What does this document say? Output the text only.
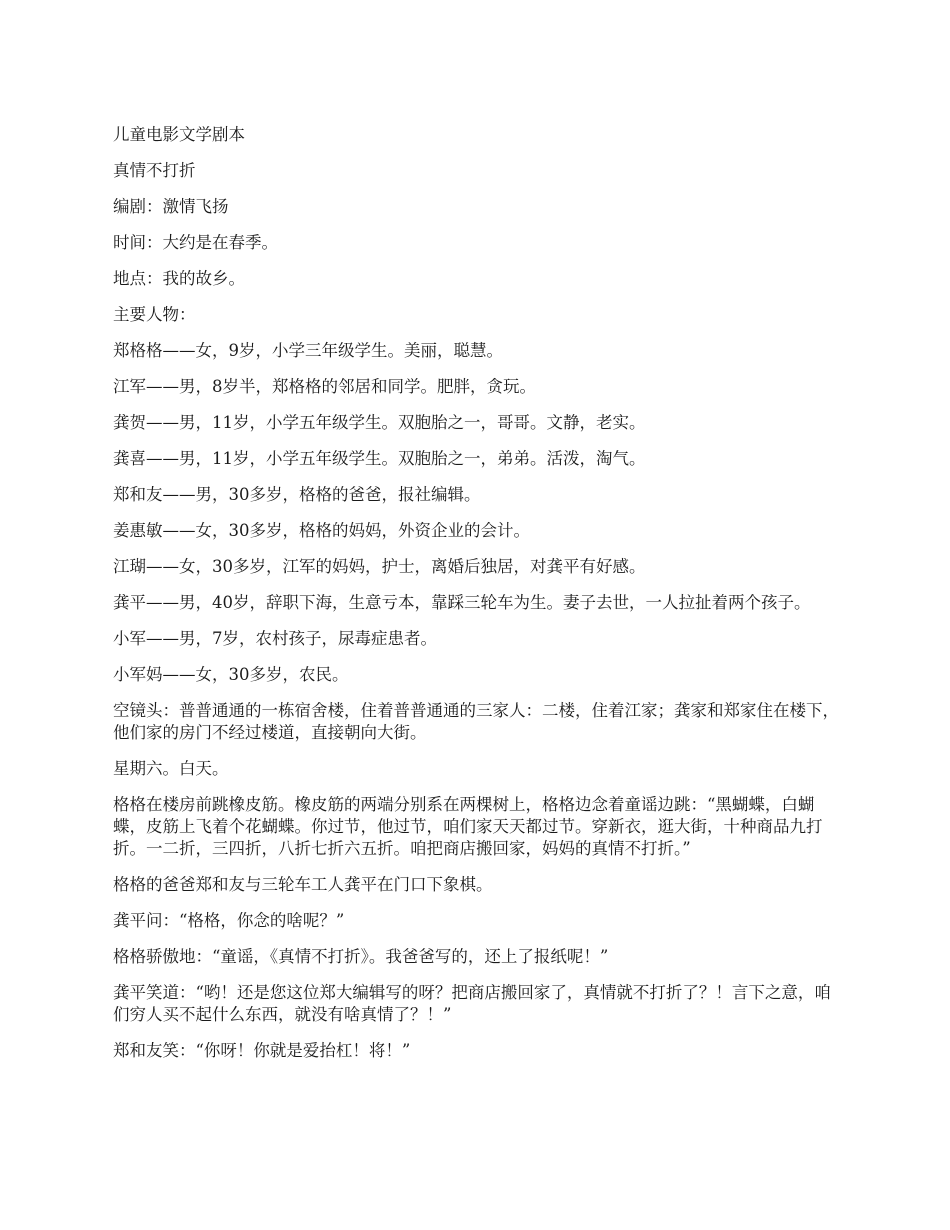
儿童电影文学剧本

真情不打折

编剧：激情飞扬

时间：大约是在春季。

地点：我的故乡。

主要人物：

郑格格——女，9岁，小学三年级学生。美丽，聪慧。

江军——男，8岁半，郑格格的邻居和同学。肥胖，贪玩。

龚贺——男，11岁，小学五年级学生。双胞胎之一，哥哥。文静，老实。

龚喜——男，11岁，小学五年级学生。双胞胎之一，弟弟。活泼，淘气。

郑和友——男，30多岁，格格的爸爸，报社编辑。

姜惠敏——女，30多岁，格格的妈妈，外资企业的会计。

江瑚——女，30多岁，江军的妈妈，护士，离婚后独居，对龚平有好感。

龚平——男，40岁，辞职下海，生意亏本，靠踩三轮车为生。妻子去世，一人拉扯着两个孩子。

小军——男，7岁，农村孩子，尿毒症患者。

小军妈——女，30多岁，农民。

空镜头：普普通通的一栋宿舍楼，住着普普通通的三家人：二楼，住着江家；龚家和郑家住在楼下，他们家的房门不经过楼道，直接朝向大街。

星期六。白天。

格格在楼房前跳橡皮筋。橡皮筋的两端分别系在两棵树上，格格边念着童谣边跳：“黑蝴蝶，白蝴蝶，皮筋上飞着个花蝴蝶。你过节，他过节，咱们家天天都过节。穿新衣，逛大街，十种商品九打折。一二折，三四折，八折七折六五折。咱把商店搬回家，妈妈的真情不打折。”

格格的爸爸郑和友与三轮车工人龚平在门口下象棋。

龚平问：“格格，你念的啥呢？”

格格骄傲地：“童谣，《真情不打折》。我爸爸写的，还上了报纸呢！”

龚平笑道：“哟！还是您这位郑大编辑写的呀？把商店搬回家了，真情就不打折了？！言下之意，咱们穷人买不起什么东西，就没有啥真情了？！”

郑和友笑：“你呀！你就是爱抬杠！将！”
